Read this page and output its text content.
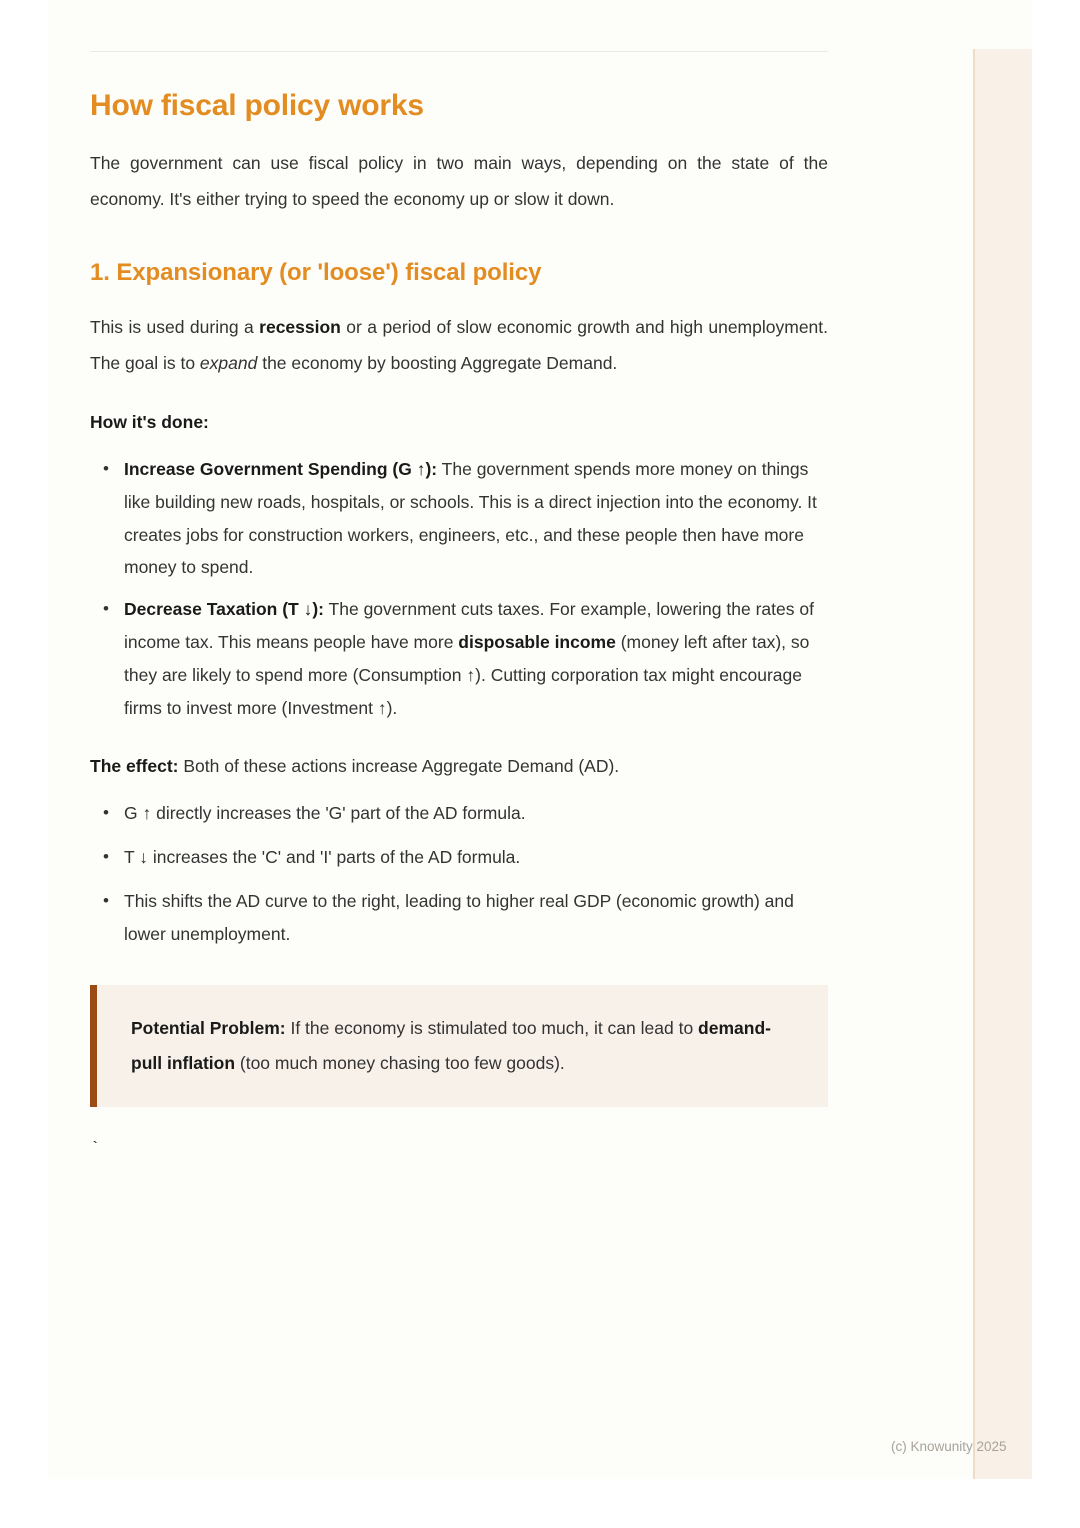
How fiscal policy works

The government can use fiscal policy in two main ways, depending on the state of the economy. It's either trying to speed the economy up or slow it down.

1. Expansionary (or 'loose') fiscal policy

This is used during a recession or a period of slow economic growth and high unemployment. The goal is to expand the economy by boosting Aggregate Demand.

How it's done:

• Increase Government Spending (G ↑): The government spends more money on things like building new roads, hospitals, or schools. This is a direct injection into the economy. It creates jobs for construction workers, engineers, etc., and these people then have more money to spend.
• Decrease Taxation (T ↓): The government cuts taxes. For example, lowering the rates of income tax. This means people have more disposable income (money left after tax), so they are likely to spend more (Consumption ↑). Cutting corporation tax might encourage firms to invest more (Investment ↑).

The effect: Both of these actions increase Aggregate Demand (AD).

• G ↑ directly increases the 'G' part of the AD formula.
• T ↓ increases the 'C' and 'I' parts of the AD formula.
• This shifts the AD curve to the right, leading to higher real GDP (economic growth) and lower unemployment.

Potential Problem: If the economy is stimulated too much, it can lead to demand-pull inflation (too much money chasing too few goods).

`
(c) Knowunity 2025
